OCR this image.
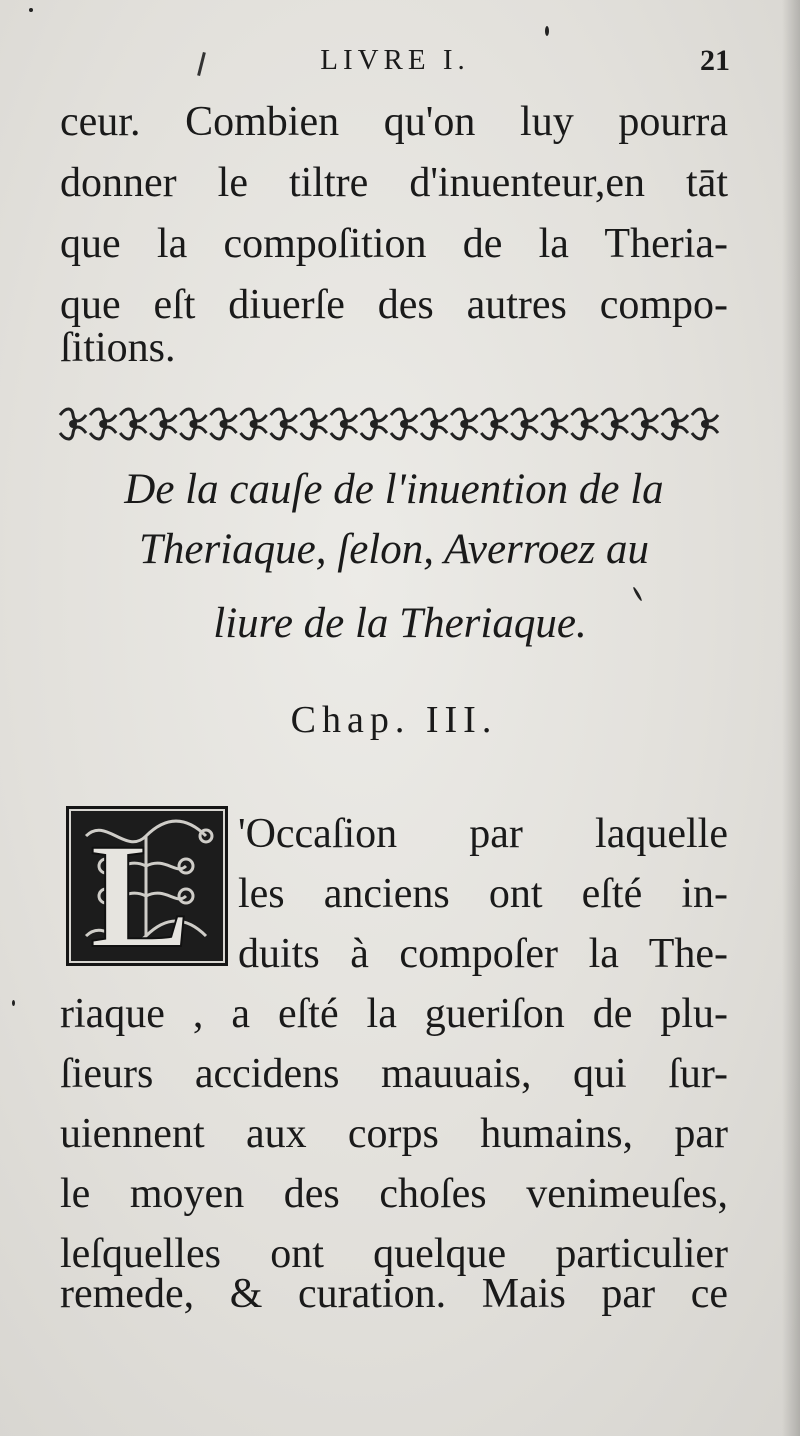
LIVRE I.	21
ceur. Combien qu'on luy pourra
donner le tiltre d'inuenteur,en tāt
que la compoſition de la Theria-
que eſt diuerſe des autres compo-
ſitions.
De la cauſe de l'inuention de la
Theriaque, ſelon, Averroez au
liure de la Theriaque.
Chap. III.
L 'Occaſion par laquelle
les anciens ont eſté in-
duits à compoſer la The-
riaque , a eſté la gueriſon de plu-
ſieurs accidens mauuais, qui ſur-
uiennent aux corps humains, par
le moyen des choſes venimeuſes,
leſquelles ont quelque particulier
remede, & curation. Mais par ce
